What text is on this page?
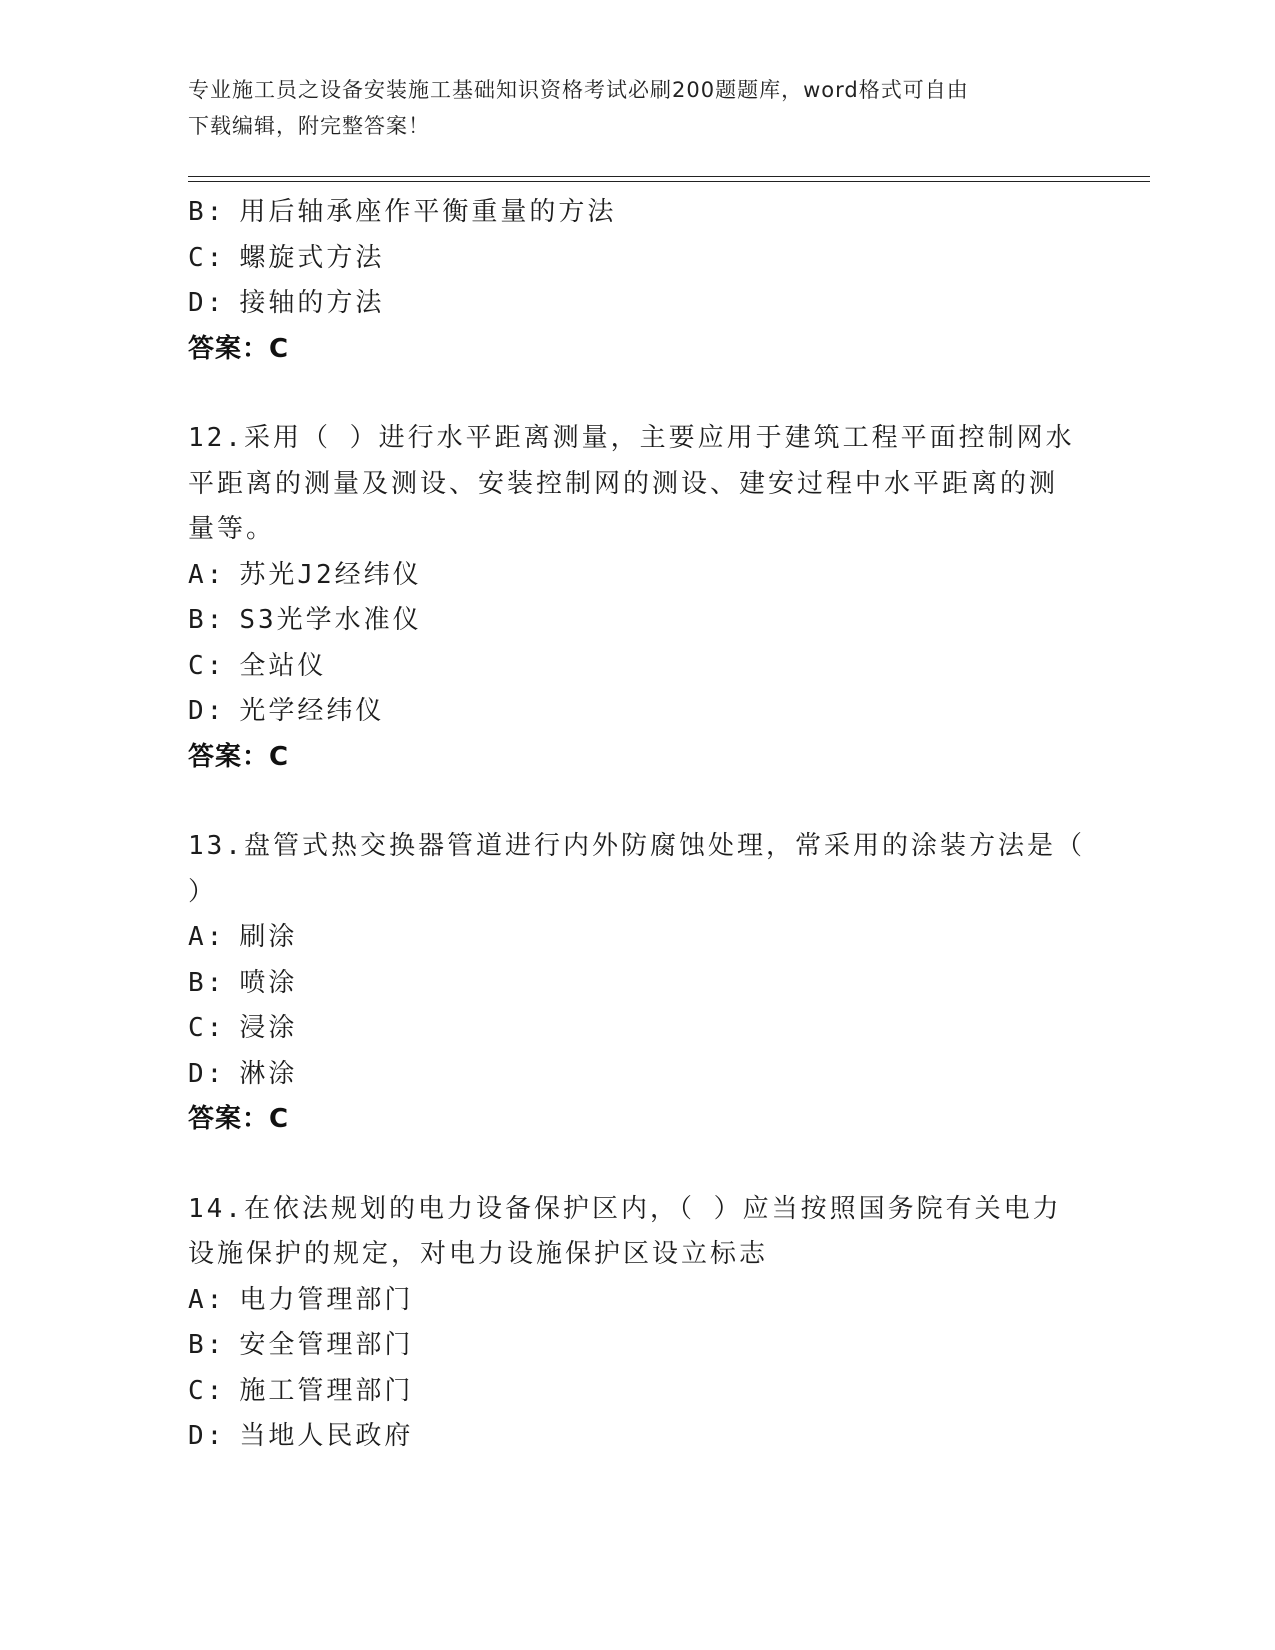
专业施工员之设备安装施工基础知识资格考试必刷200题题库，word格式可自由
下载编辑，附完整答案！
B: 用后轴承座作平衡重量的方法
C: 螺旋式方法
D: 接轴的方法
答案：C
12.采用（ ）进行水平距离测量，主要应用于建筑工程平面控制网水
平距离的测量及测设、安装控制网的测设、建安过程中水平距离的测
量等。
A: 苏光J2经纬仪
B: S3光学水准仪
C: 全站仪
D: 光学经纬仪
答案：C
13.盘管式热交换器管道进行内外防腐蚀处理，常采用的涂装方法是（
）
A: 刷涂
B: 喷涂
C: 浸涂
D: 淋涂
答案：C
14.在依法规划的电力设备保护区内，（ ）应当按照国务院有关电力
设施保护的规定，对电力设施保护区设立标志
A: 电力管理部门
B: 安全管理部门
C: 施工管理部门
D: 当地人民政府
